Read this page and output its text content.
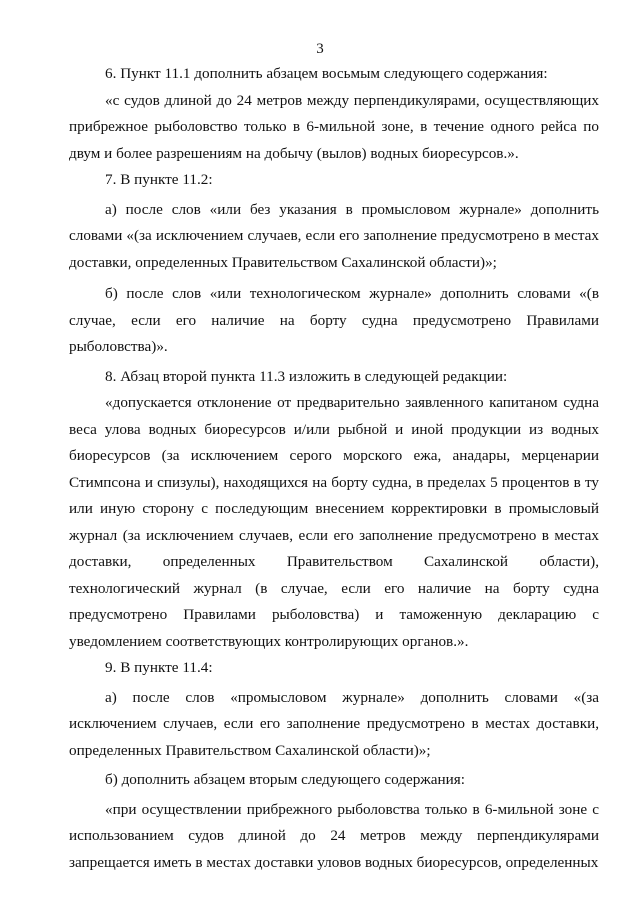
3

6. Пункт 11.1 дополнить абзацем восьмым следующего содержания:

«с судов длиной до 24 метров между перпендикулярами, осуществляющих прибрежное рыболовство только в 6-мильной зоне, в течение одного рейса по двум и более разрешениям на добычу (вылов) водных биоресурсов.».

7. В пункте 11.2:

а) после слов «или без указания в промысловом журнале» дополнить словами «(за исключением случаев, если его заполнение предусмотрено в местах доставки, определенных Правительством Сахалинской области)»;

б) после слов «или технологическом журнале» дополнить словами «(в случае, если его наличие на борту судна предусмотрено Правилами рыболовства)».

8. Абзац второй пункта 11.3 изложить в следующей редакции:

«допускается отклонение от предварительно заявленного капитаном судна веса улова водных биоресурсов и/или рыбной и иной продукции из водных биоресурсов (за исключением серого морского ежа, анадары, мерценарии Стимпсона и спизулы), находящихся на борту судна, в пределах 5 процентов в ту или иную сторону с последующим внесением корректировки в промысловый журнал (за исключением случаев, если его заполнение предусмотрено в местах доставки, определенных Правительством Сахалинской области), технологический журнал (в случае, если его наличие на борту судна предусмотрено Правилами рыболовства) и таможенную декларацию с уведомлением соответствующих контролирующих органов.».

9. В пункте 11.4:

а) после слов «промысловом журнале» дополнить словами «(за исключением случаев, если его заполнение предусмотрено в местах доставки, определенных Правительством Сахалинской области)»;

б) дополнить абзацем вторым следующего содержания:

«при осуществлении прибрежного рыболовства только в 6-мильной зоне с использованием судов длиной до 24 метров между перпендикулярами запрещается иметь в местах доставки уловов водных биоресурсов, определенных
